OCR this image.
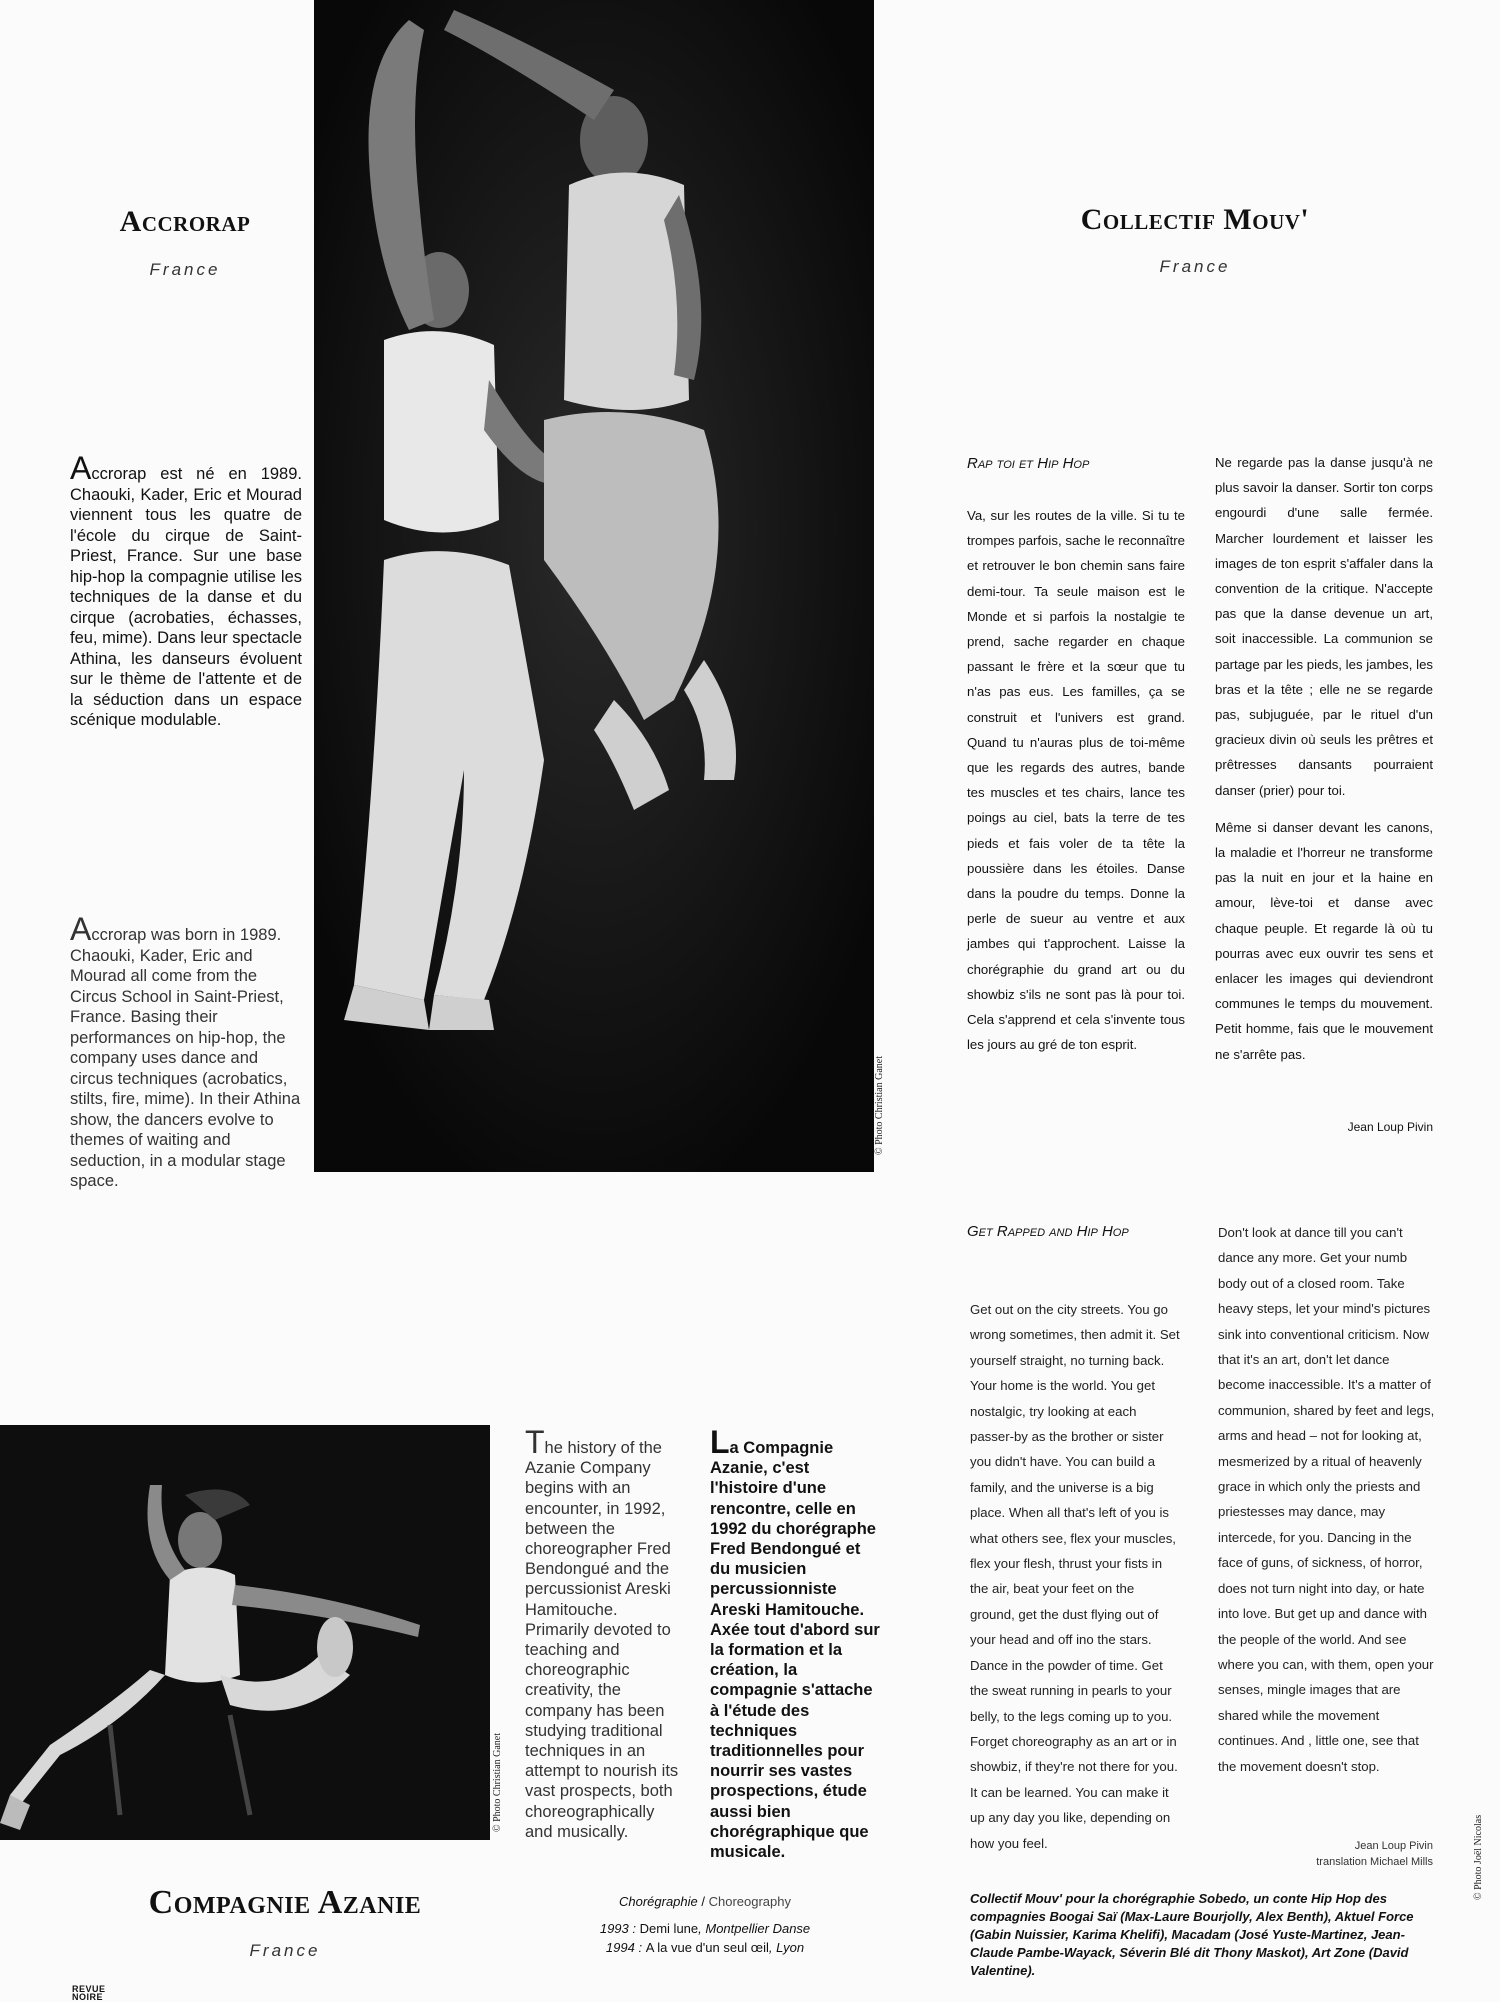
© Photo Christian Ganet
Accrorap
France
Accrorap est né en 1989. Chaouki, Kader, Eric et Mourad viennent tous les quatre de l'école du cirque de Saint-Priest, France. Sur une base hip-hop la compagnie utilise les techniques de la danse et du cirque (acrobaties, échasses, feu, mime). Dans leur spectacle Athina, les danseurs évoluent sur le thème de l'attente et de la séduction dans un espace scénique modulable.
Accrorap was born in 1989. Chaouki, Kader, Eric and Mourad all come from the Circus School in Saint-Priest, France. Basing their performances on hip-hop, the company uses dance and circus techniques (acrobatics, stilts, fire, mime). In their Athina show, the dancers evolve to themes of waiting and seduction, in a modular stage space.
Collectif Mouv'
France
Rap toi et Hip Hop

Va, sur les routes de la ville. Si tu te trompes parfois, sache le reconnaître et retrouver le bon chemin sans faire demi-tour. Ta seule maison est le Monde et si parfois la nostalgie te prend, sache regarder en chaque passant le frère et la sœur que tu n'as pas eus. Les familles, ça se construit et l'univers est grand. Quand tu n'auras plus de toi-même que les regards des autres, bande tes muscles et tes chairs, lance tes poings au ciel, bats la terre de tes pieds et fais voler de ta tête la poussière dans les étoiles. Danse dans la poudre du temps. Donne la perle de sueur au ventre et aux jambes qui t'approchent. Laisse la chorégraphie du grand art ou du showbiz s'ils ne sont pas là pour toi. Cela s'apprend et cela s'invente tous les jours au gré de ton esprit.

Ne regarde pas la danse jusqu'à ne plus savoir la danser. Sortir ton corps engourdi d'une salle fermée. Marcher lourdement et laisser les images de ton esprit s'affaler dans la convention de la critique. N'accepte pas que la danse devenue un art, soit inaccessible. La communion se partage par les pieds, les jambes, les bras et la tête ; elle ne se regarde pas, subjuguée, par le rituel d'un gracieux divin où seuls les prêtres et prêtresses dansants pourraient danser (prier) pour toi.

Même si danser devant les canons, la maladie et l'horreur ne transforme pas la nuit en jour et la haine en amour, lève-toi et danse avec chaque peuple. Et regarde là où tu pourras avec eux ouvrir tes sens et enlacer les images qui deviendront communes le temps du mouvement. Petit homme, fais que le mouvement ne s'arrête pas.

Jean Loup Pivin
Get Rapped and Hip Hop

Get out on the city streets. You go wrong sometimes, then admit it. Set yourself straight, no turning back. Your home is the world. You get nostalgic, try looking at each passer-by as the brother or sister you didn't have. You can build a family, and the universe is a big place. When all that's left of you is what others see, flex your muscles, flex your flesh, thrust your fists in the air, beat your feet on the ground, get the dust flying out of your head and off ino the stars. Dance in the powder of time. Get the sweat running in pearls to your belly, to the legs coming up to you. Forget choreography as an art or in showbiz, if they're not there for you. It can be learned. You can make it up any day you like, depending on how you feel.

Don't look at dance till you can't dance any more. Get your numb body out of a closed room. Take heavy steps, let your mind's pictures sink into conventional criticism. Now that it's an art, don't let dance become inaccessible. It's a matter of communion, shared by feet and legs, arms and head – not for looking at, mesmerized by a ritual of heavenly grace in which only the priests and priestesses may dance, may intercede, for you. Dancing in the face of guns, of sickness, of horror, does not turn night into day, or hate into love. But get up and dance with the people of the world. And see where you can, with them, open your senses, mingle images that are shared while the movement continues. And , little one, see that the movement doesn't stop.

Jean Loup Pivin
translation Michael Mills	© Photo Joël Nicolas
© Photo Christian Ganet
The history of the Azanie Company begins with an encounter, in 1992, between the choreographer Fred Bendongué and the percussionist Areski Hamitouche. Primarily devoted to teaching and choreographic creativity, the company has been studying traditional techniques in an attempt to nourish its vast prospects, both choreographically and musically.
La Compagnie Azanie, c'est l'histoire d'une rencontre, celle en 1992 du chorégraphe Fred Bendongué et du musicien percussionniste Areski Hamitouche. Axée tout d'abord sur la formation et la création, la compagnie s'attache à l'étude des techniques traditionnelles pour nourrir ses vastes prospections, étude aussi bien chorégraphique que musicale.
Compagnie Azanie
France
Chorégraphie / Choreography
1993 : Demi lune, Montpellier Danse
1994 : A la vue d'un seul œil, Lyon
Collectif Mouv' pour la chorégraphie Sobedo, un conte Hip Hop des compagnies Boogai Saï (Max-Laure Bourjolly, Alex Benth), Aktuel Force (Gabin Nuissier, Karima Khelifi), Macadam (José Yuste-Martinez, Jean-Claude Pambe-Wayack, Séverin Blé dit Thony Maskot), Art Zone (David Valentine).
REVUE
NOIRE
